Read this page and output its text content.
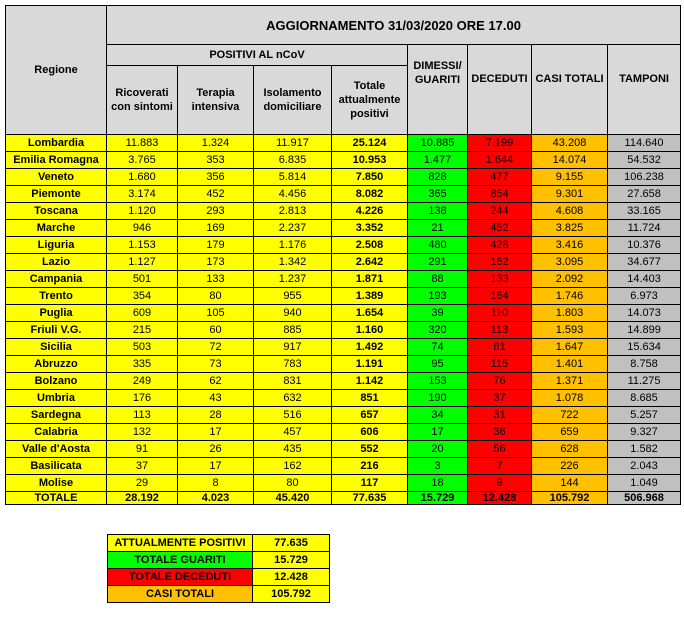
Regione	AGGIORNAMENTO 31/03/2020 ORE 17.00							
	POSITIVI AL nCoV				DIMESSI/ GUARITI	DECEDUTI	CASI TOTALI	TAMPONI
	Ricoverati con sintomi	Terapia intensiva	Isolamento domiciliare	Totale attualmente positivi				
Lombardia	11.883	1.324	11.917	25.124	10.885	7.199	43.208	114.640
Emilia Romagna	3.765	353	6.835	10.953	1.477	1.644	14.074	54.532
Veneto	1.680	356	5.814	7.850	828	477	9.155	106.238
Piemonte	3.174	452	4.456	8.082	365	854	9.301	27.658
Toscana	1.120	293	2.813	4.226	138	244	4.608	33.165
Marche	946	169	2.237	3.352	21	452	3.825	11.724
Liguria	1.153	179	1.176	2.508	480	428	3.416	10.376
Lazio	1.127	173	1.342	2.642	291	162	3.095	34.677
Campania	501	133	1.237	1.871	88	133	2.092	14.403
Trento	354	80	955	1.389	193	164	1.746	6.973
Puglia	609	105	940	1.654	39	110	1.803	14.073
Friuli V.G.	215	60	885	1.160	320	113	1.593	14.899
Sicilia	503	72	917	1.492	74	81	1.647	15.634
Abruzzo	335	73	783	1.191	95	115	1.401	8.758
Bolzano	249	62	831	1.142	153	76	1.371	11.275
Umbria	176	43	632	851	190	37	1.078	8.685
Sardegna	113	28	516	657	34	31	722	5.257
Calabria	132	17	457	606	17	36	659	9.327
Valle d'Aosta	91	26	435	552	20	56	628	1.582
Basilicata	37	17	162	216	3	7	226	2.043
Molise	29	8	80	117	18	9	144	1.049
TOTALE	28.192	4.023	45.420	77.635	15.729	12.428	105.792	506.968
ATTUALMENTE POSITIVI	77.635
TOTALE GUARITI	15.729
TOTALE DECEDUTI	12.428
CASI TOTALI	105.792
